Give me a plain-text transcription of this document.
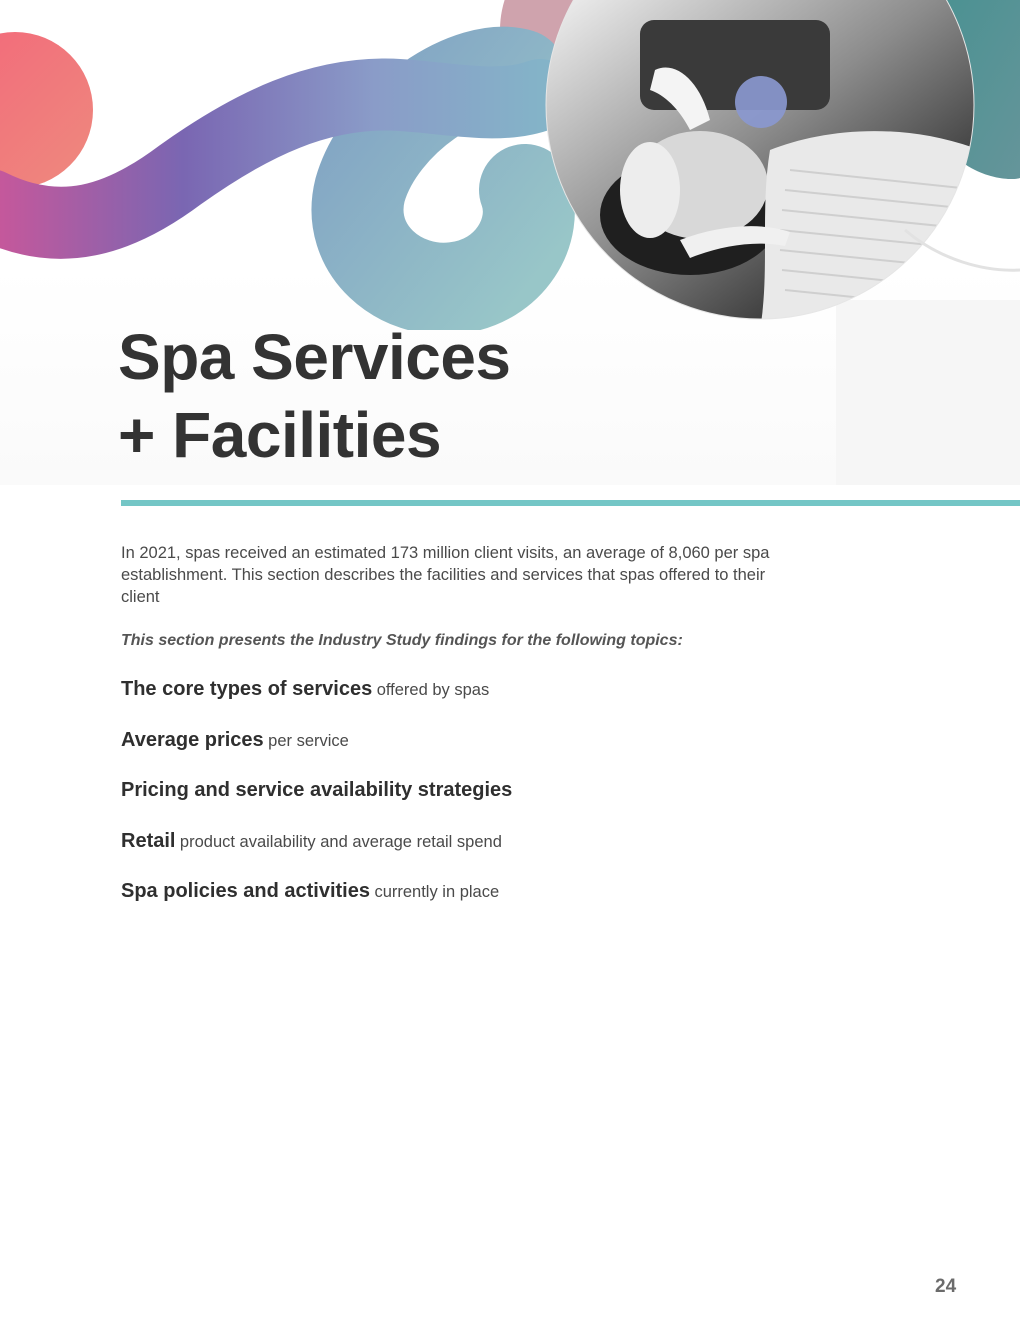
Spa Services
+ Facilities

In 2021, spas received an estimated 173 million client visits, an average of 8,060 per spa establishment. This section describes the facilities and services that spas offered to their client

This section presents the Industry Study findings for the following topics:

The core types of services offered by spas
Average prices per service
Pricing and service availability strategies
Retail product availability and average retail spend
Spa policies and activities currently in place
24
